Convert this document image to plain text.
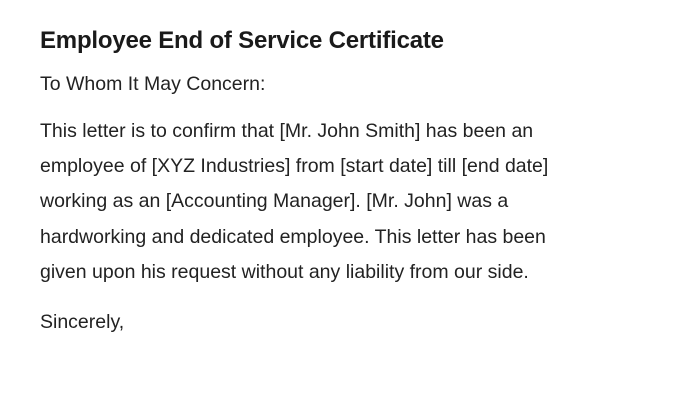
Employee End of Service Certificate

To Whom It May Concern:

This letter is to confirm that [Mr. John Smith] has been an
employee of [XYZ Industries] from [start date] till [end date]
working as an [Accounting Manager]. [Mr. John] was a
hardworking and dedicated employee. This letter has been
given upon his request without any liability from our side.

Sincerely,
